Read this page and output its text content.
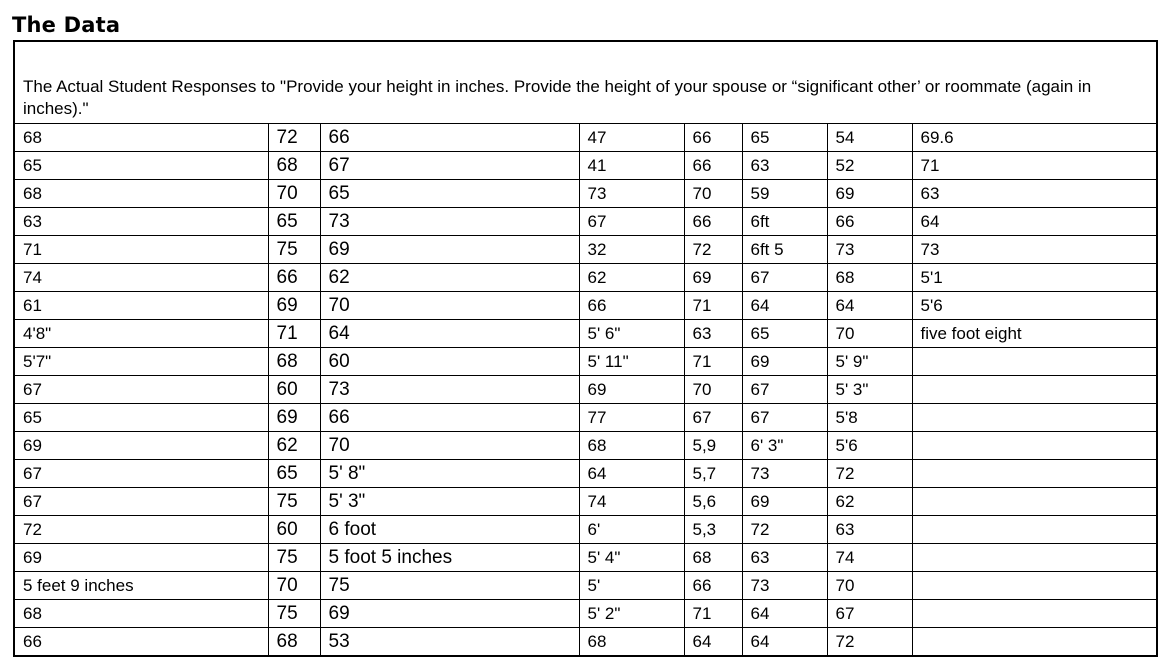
The Data
The Actual Student Responses to "Provide your height in inches. Provide the height of your spouse or “significant other’ or roommate (again in inches)."							
68	72	66	47	66	65	54	69.6
65	68	67	41	66	63	52	71
68	70	65	73	70	59	69	63
63	65	73	67	66	6ft	66	64
71	75	69	32	72	6ft 5	73	73
74	66	62	62	69	67	68	5'1
61	69	70	66	71	64	64	5'6
4'8"	71	64	5' 6"	63	65	70	five foot eight
5'7"	68	60	5' 11"	71	69	5' 9"	
67	60	73	69	70	67	5' 3"	
65	69	66	77	67	67	5'8	
69	62	70	68	5,9	6' 3"	5'6	
67	65	5' 8"	64	5,7	73	72	
67	75	5' 3"	74	5,6	69	62	
72	60	6 foot	6'	5,3	72	63	
69	75	5 foot 5 inches	5' 4"	68	63	74	
5 feet 9 inches	70	75	5'	66	73	70	
68	75	69	5' 2"	71	64	67	
66	68	53	68	64	64	72	
